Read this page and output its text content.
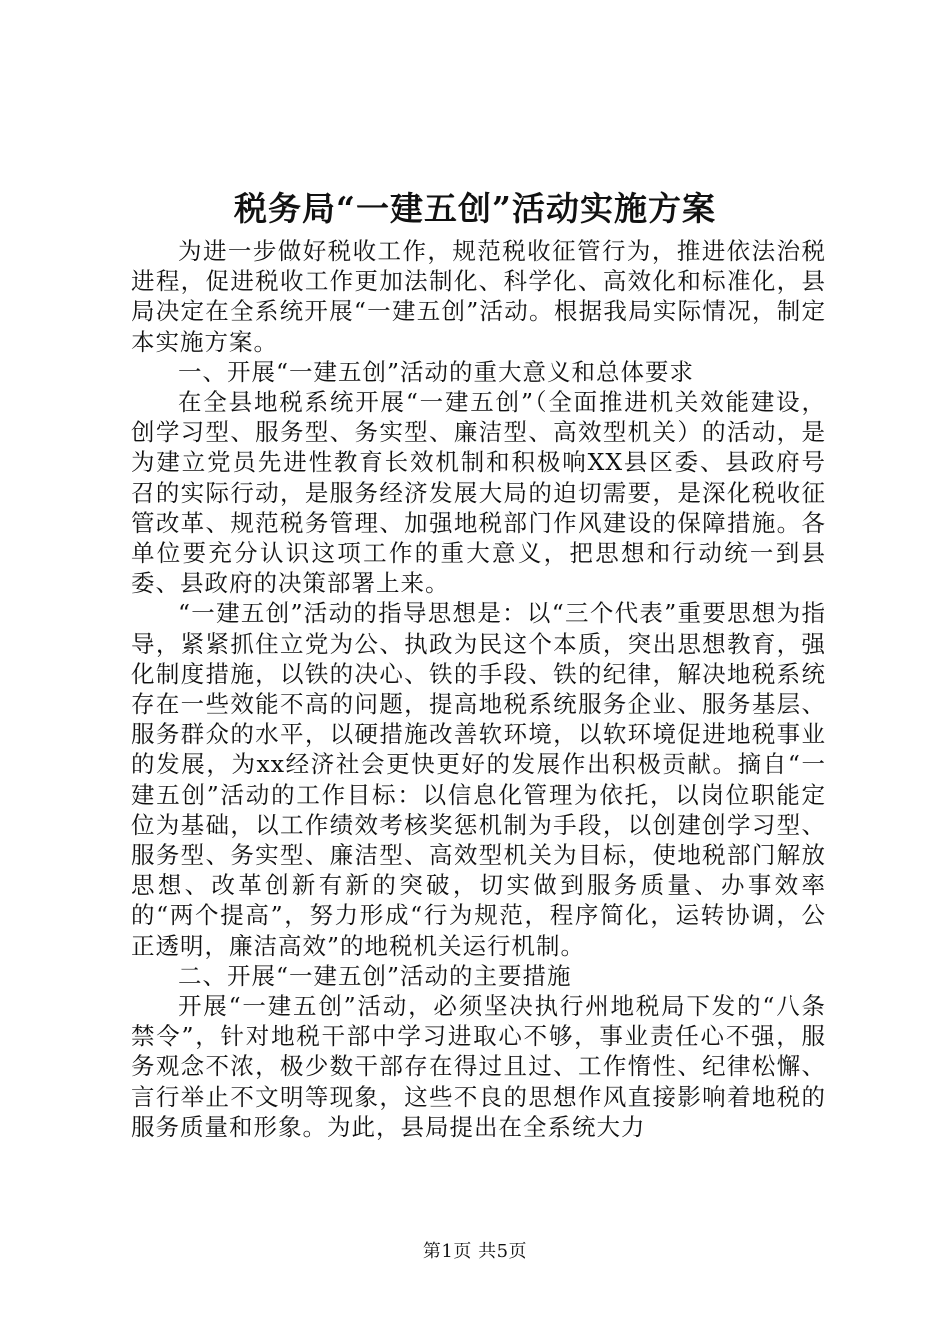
税务局“一建五创”活动实施方案

为进一步做好税收工作，规范税收征管行为，推进依法治税进程，促进税收工作更加法制化、科学化、高效化和标准化，县局决定在全系统开展“一建五创”活动。根据我局实际情况，制定本实施方案。

一、开展“一建五创”活动的重大意义和总体要求

在全县地税系统开展“一建五创”（全面推进机关效能建设，创学习型、服务型、务实型、廉洁型、高效型机关）的活动，是为建立党员先进性教育长效机制和积极响XX县区委、县政府号召的实际行动，是服务经济发展大局的迫切需要，是深化税收征管改革、规范税务管理、加强地税部门作风建设的保障措施。各单位要充分认识这项工作的重大意义，把思想和行动统一到县委、县政府的决策部署上来。

“一建五创”活动的指导思想是：以“三个代表”重要思想为指导，紧紧抓住立党为公、执政为民这个本质，突出思想教育，强化制度措施，以铁的决心、铁的手段、铁的纪律，解决地税系统存在一些效能不高的问题，提高地税系统服务企业、服务基层、服务群众的水平，以硬措施改善软环境，以软环境促进地税事业的发展，为xx经济社会更快更好的发展作出积极贡献。摘自“一建五创”活动的工作目标：以信息化管理为依托，以岗位职能定位为基础，以工作绩效考核奖惩机制为手段，以创建创学习型、服务型、务实型、廉洁型、高效型机关为目标，使地税部门解放思想、改革创新有新的突破，切实做到服务质量、办事效率的“两个提高”，努力形成“行为规范，程序简化，运转协调，公正透明，廉洁高效”的地税机关运行机制。

二、开展“一建五创”活动的主要措施

开展“一建五创”活动，必须坚决执行州地税局下发的“八条禁令”，针对地税干部中学习进取心不够，事业责任心不强，服务观念不浓，极少数干部存在得过且过、工作惰性、纪律松懈、言行举止不文明等现象，这些不良的思想作风直接影响着地税的服务质量和形象。为此，县局提出在全系统大力

第1页 共5页
